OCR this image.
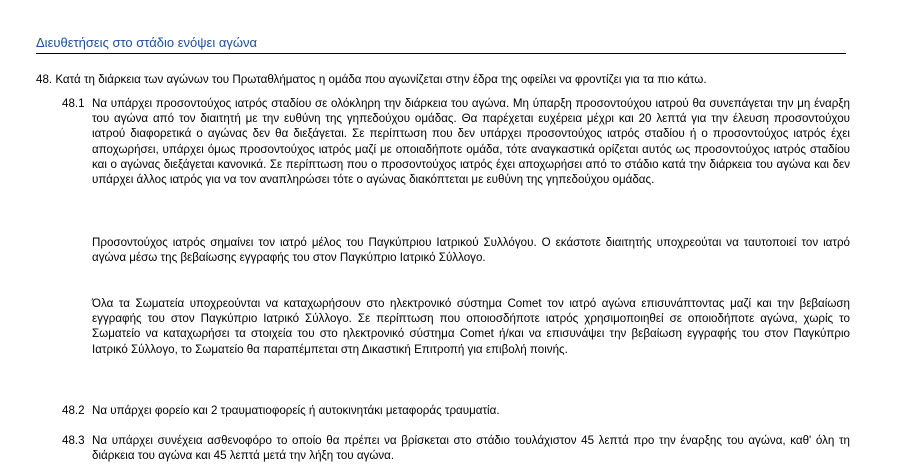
Διευθετήσεις στο στάδιο ενόψει αγώνα
48. Κατά τη διάρκεια των αγώνων του Πρωταθλήματος η ομάδα που αγωνίζεται στην έδρα της οφείλει να φροντίζει για τα πιο κάτω.
48.1 Να υπάρχει προσοντούχος ιατρός σταδίου σε ολόκληρη την διάρκεια του αγώνα. Μη ύπαρξη προσοντούχου ιατρού θα συνεπάγεται την μη έναρξη του αγώνα από τον διαιτητή με την ευθύνη της γηπεδούχου ομάδας. Θα παρέχεται ευχέρεια μέχρι και 20 λεπτά για την έλευση προσοντούχου ιατρού διαφορετικά ο αγώνας δεν θα διεξάγεται. Σε περίπτωση που δεν υπάρχει προσοντούχος ιατρός σταδίου ή ο προσοντούχος ιατρός έχει αποχωρήσει, υπάρχει όμως προσοντούχος ιατρός μαζί με οποιαδήποτε ομάδα, τότε αναγκαστικά ορίζεται αυτός ως προσοντούχος ιατρός σταδίου και ο αγώνας διεξάγεται κανονικά. Σε περίπτωση που ο προσοντούχος ιατρός έχει αποχωρήσει από το στάδιο κατά την διάρκεια του αγώνα και δεν υπάρχει άλλος ιατρός για να τον αναπληρώσει τότε ο αγώνας διακόπτεται με ευθύνη της γηπεδούχου ομάδας.
Προσοντούχος ιατρός σημαίνει τον ιατρό μέλος του Παγκύπριου Ιατρικού Συλλόγου. Ο εκάστοτε διαιτητής υποχρεούται να ταυτοποιεί τον ιατρό αγώνα μέσω της βεβαίωσης εγγραφής του στον Παγκύπριο Ιατρικό Σύλλογο.
Όλα τα Σωματεία υποχρεούνται να καταχωρήσουν στο ηλεκτρονικό σύστημα Comet τον ιατρό αγώνα επισυνάπτοντας μαζί και την βεβαίωση εγγραφής του στον Παγκύπριο Ιατρικό Σύλλογο. Σε περίπτωση που οποιοσδήποτε ιατρός χρησιμοποιηθεί σε οποιοδήποτε αγώνα, χωρίς το Σωματείο να καταχωρήσει τα στοιχεία του στο ηλεκτρονικό σύστημα Comet ή/και να επισυνάψει την βεβαίωση εγγραφής του στον Παγκύπριο Ιατρικό Σύλλογο, το Σωματείο θα παραπέμπεται στη Δικαστική Επιτροπή για επιβολή ποινής.
48.2 Να υπάρχει φορείο και 2 τραυματιοφορείς ή αυτοκινητάκι μεταφοράς τραυματία.
48.3 Να υπάρχει συνέχεια ασθενοφόρο το οποίο θα πρέπει να βρίσκεται στο στάδιο τουλάχιστον 45 λεπτά προ την έναρξης του αγώνα, καθ' όλη τη διάρκεια του αγώνα και 45 λεπτά μετά την λήξη του αγώνα.
